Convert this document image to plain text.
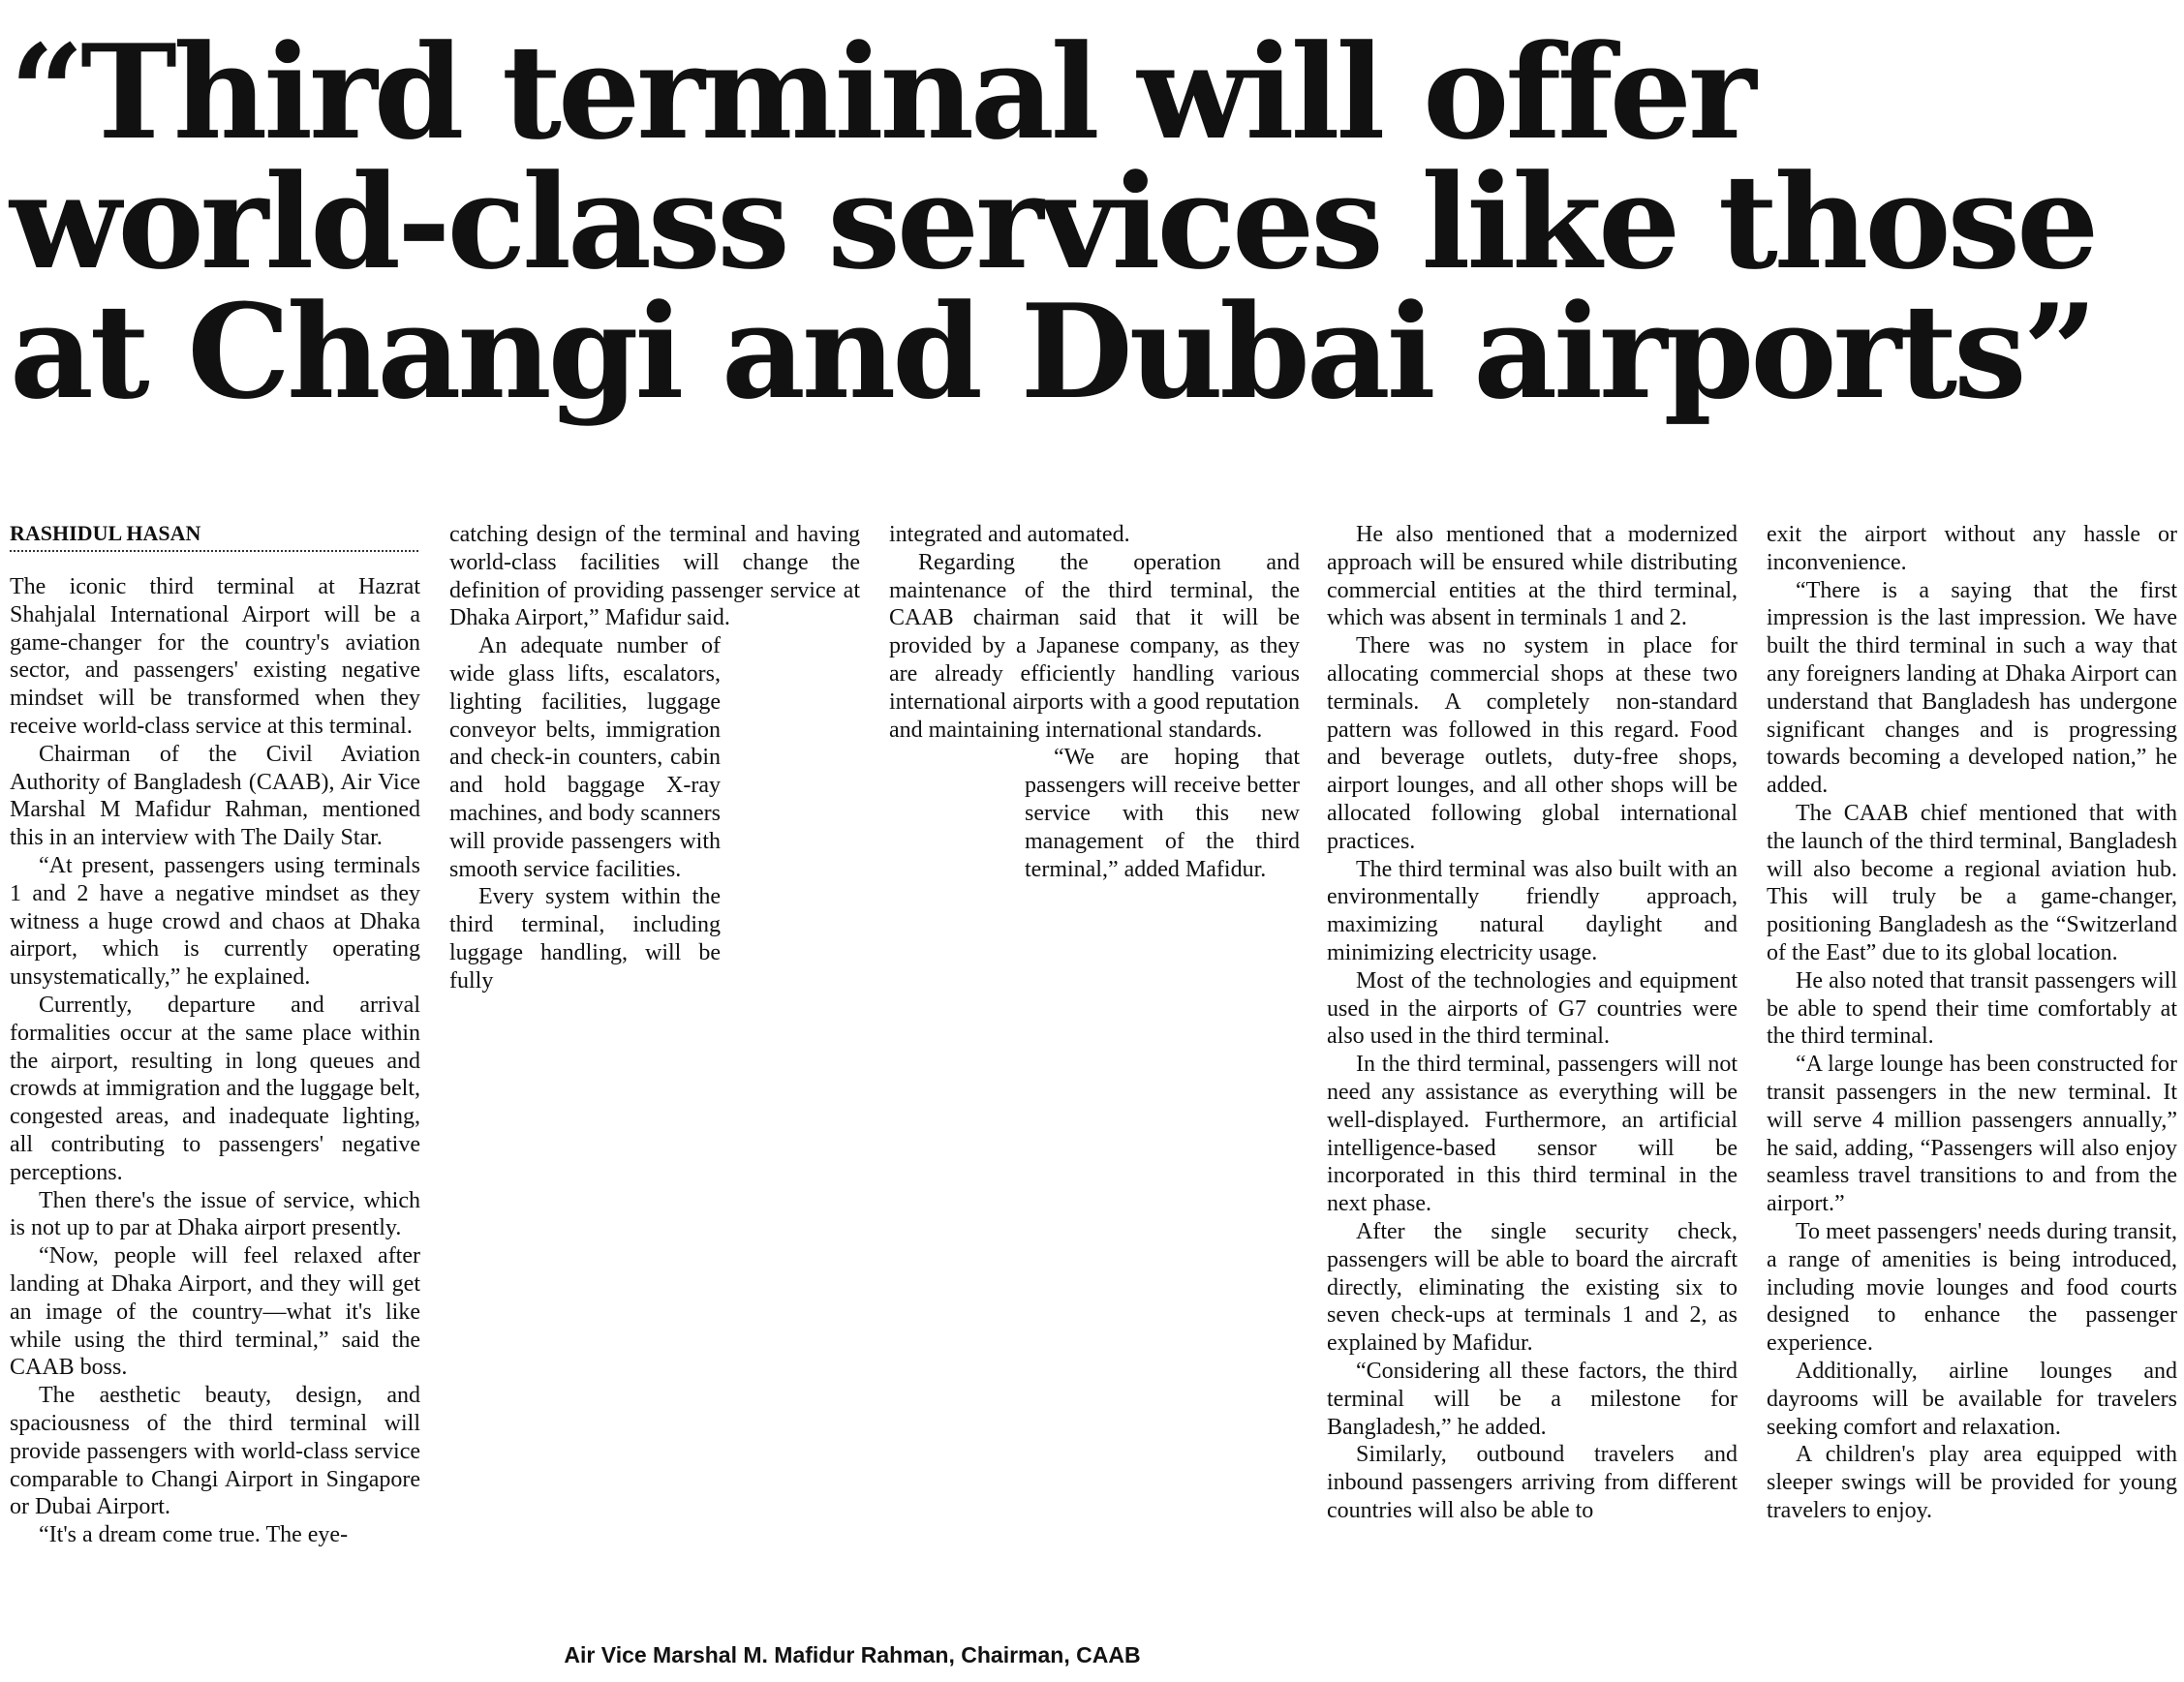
“Third terminal will offer world-class services like those at Changi and Dubai airports”
RASHIDUL HASAN

The iconic third terminal at Hazrat Shahjalal International Airport will be a game-changer for the country's aviation sector, and passengers' existing negative mindset will be transformed when they receive world-class service at this terminal.

Chairman of the Civil Aviation Authority of Bangladesh (CAAB), Air Vice Marshal M Mafidur Rahman, mentioned this in an interview with The Daily Star.

“At present, passengers using terminals 1 and 2 have a negative mindset as they witness a huge crowd and chaos at Dhaka airport, which is currently operating unsystematically,” he explained.

Currently, departure and arrival formalities occur at the same place within the airport, resulting in long queues and crowds at immigration and the luggage belt, congested areas, and inadequate lighting, all contributing to passengers' negative perceptions.

Then there's the issue of service, which is not up to par at Dhaka airport presently.

“Now, people will feel relaxed after landing at Dhaka Airport, and they will get an image of the country—what it's like while using the third terminal,” said the CAAB boss.

The aesthetic beauty, design, and spaciousness of the third terminal will provide passengers with world-class service comparable to Changi Airport in Singapore or Dubai Airport.

“It's a dream come true. The eye-

catching design of the terminal and having world-class facilities will change the definition of providing passenger service at Dhaka Airport,” Mafidur said.

An adequate number of wide glass lifts, escalators, lighting facilities, luggage conveyor belts, immigration and check-in counters, cabin and hold baggage X-ray machines, and body scanners will provide passengers with smooth service facilities.

Every system within the third terminal, including luggage handling, will be fully

integrated and automated.

Regarding the operation and maintenance of the third terminal, the CAAB chairman said that it will be provided by a Japanese company, as they are already efficiently handling various international airports with a good reputation and maintaining international standards.

“We are hoping that passengers will receive better service with this new management of the third terminal,” added Mafidur.

He also mentioned that a modernized approach will be ensured while distributing commercial entities at the third terminal, which was absent in terminals 1 and 2.

There was no system in place for allocating commercial shops at these two terminals. A completely non-standard pattern was followed in this regard. Food and beverage outlets, duty-free shops, airport lounges, and all other shops will be allocated following global international practices.

The third terminal was also built with an environmentally friendly approach, maximizing natural daylight and minimizing electricity usage.

Most of the technologies and equipment used in the airports of G7 countries were also used in the third terminal.

In the third terminal, passengers will not need any assistance as everything will be well-displayed. Furthermore, an artificial intelligence-based sensor will be incorporated in this third terminal in the next phase.

After the single security check, passengers will be able to board the aircraft directly, eliminating the existing six to seven check-ups at terminals 1 and 2, as explained by Mafidur.

“Considering all these factors, the third terminal will be a milestone for Bangladesh,” he added.

Similarly, outbound travelers and inbound passengers arriving from different countries will also be able to

exit the airport without any hassle or inconvenience.

“There is a saying that the first impression is the last impression. We have built the third terminal in such a way that any foreigners landing at Dhaka Airport can understand that Bangladesh has undergone significant changes and is progressing towards becoming a developed nation,” he added.

The CAAB chief mentioned that with the launch of the third terminal, Bangladesh will also become a regional aviation hub. This will truly be a game-changer, positioning Bangladesh as the “Switzerland of the East” due to its global location.

He also noted that transit passengers will be able to spend their time comfortably at the third terminal.

“A large lounge has been constructed for transit passengers in the new terminal. It will serve 4 million passengers annually,” he said, adding, “Passengers will also enjoy seamless travel transitions to and from the airport.”

To meet passengers' needs during transit, a range of amenities is being introduced, including movie lounges and food courts designed to enhance the passenger experience.

Additionally, airline lounges and dayrooms will be available for travelers seeking comfort and relaxation.

A children's play area equipped with sleeper swings will be provided for young travelers to enjoy.

Air Vice Marshal M. Mafidur Rahman, Chairman, CAAB
